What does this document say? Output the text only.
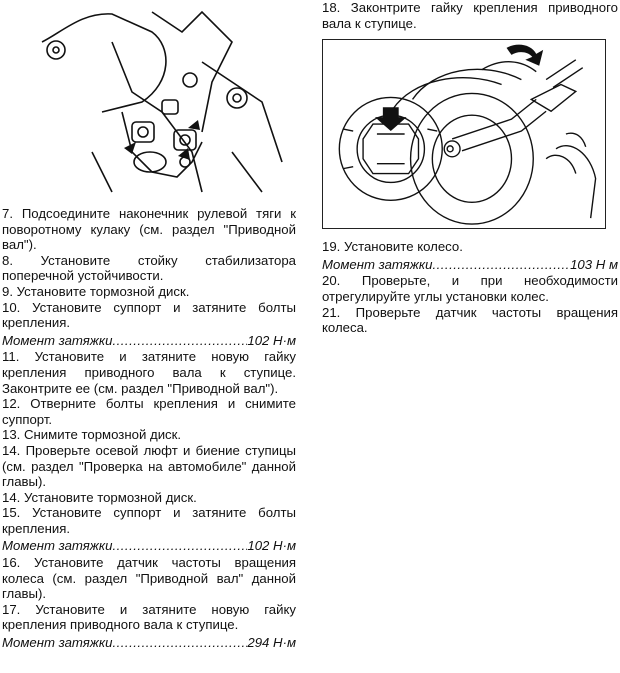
7. Подсоедините наконечник рулевой тяги к поворотному кулаку (см. раздел "Приводной вал").

8. Установите стойку стабилизатора поперечной устойчивости.

9. Установите тормозной диск.

10. Установите суппорт и затяните болты крепления.

Момент затяжки .....	102 Н·м

11. Установите и затяните новую гайку крепления приводного вала к ступице. Законтрите ее (см. раздел "Приводной вал").

12. Отверните болты крепления и снимите суппорт.

13. Снимите тормозной диск.

14. Проверьте осевой люфт и биение ступицы (см. раздел "Проверка на автомобиле" данной главы).

14. Установите тормозной диск.

15. Установите суппорт и затяните болты крепления.

Момент затяжки .....	102 Н·м

16. Установите датчик частоты вращения колеса (см. раздел "Приводной вал" данной главы).

17. Установите и затяните новую гайку крепления приводного вала к ступице.

Момент затяжки .....	294 Н·м

18. Законтрите гайку крепления приводного вала к ступице.

19. Установите колесо.

Момент затяжки .....	103 Н м

20. Проверьте, и при необходимости отрегулируйте углы установки колес.

21. Проверьте датчик частоты вращения колеса.
